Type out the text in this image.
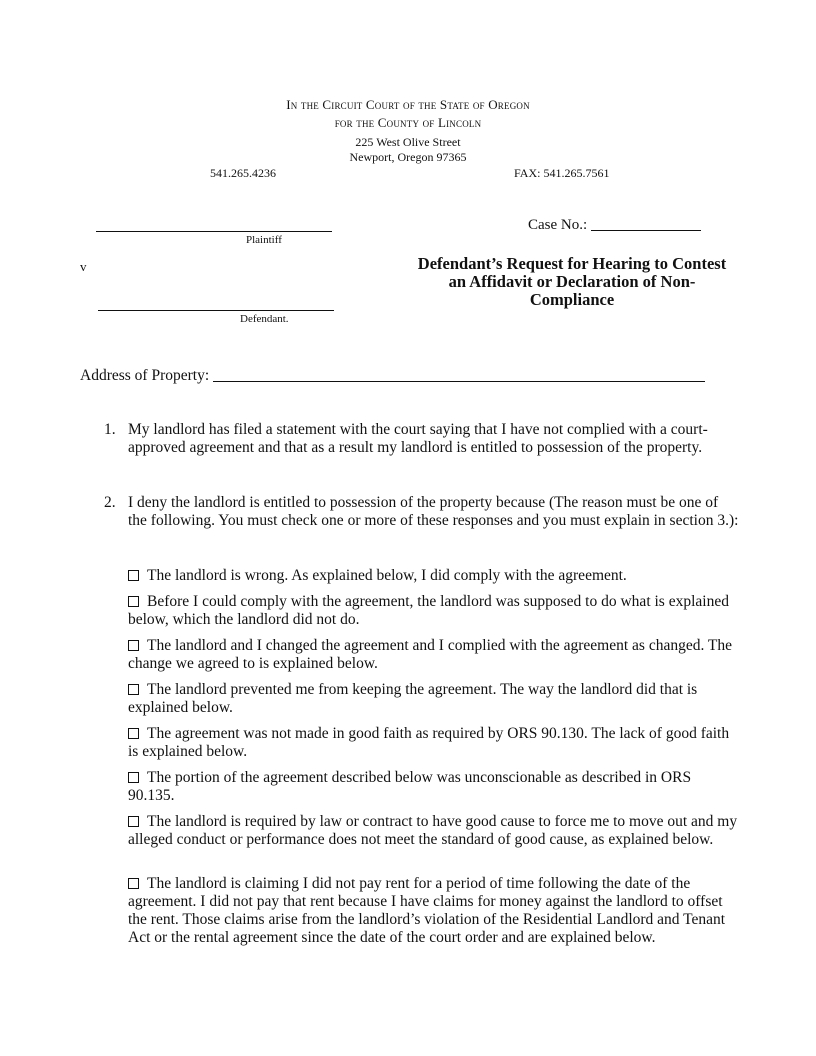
In the Circuit Court of the State of Oregon
for the County of Lincoln
225 West Olive Street
Newport, Oregon 97365
541.265.4236	FAX: 541.265.7561
Plaintiff
v
Defendant.
Case No.:
Defendant’s Request for Hearing to Contest an Affidavit or Declaration of Non-Compliance
Address of Property:
1. My landlord has filed a statement with the court saying that I have not complied with a court-approved agreement and that as a result my landlord is entitled to possession of the property.
2. I deny the landlord is entitled to possession of the property because (The reason must be one of the following. You must check one or more of these responses and you must explain in section 3.):
The landlord is wrong. As explained below, I did comply with the agreement.
Before I could comply with the agreement, the landlord was supposed to do what is explained below, which the landlord did not do.
The landlord and I changed the agreement and I complied with the agreement as changed. The change we agreed to is explained below.
The landlord prevented me from keeping the agreement. The way the landlord did that is explained below.
The agreement was not made in good faith as required by ORS 90.130. The lack of good faith is explained below.
The portion of the agreement described below was unconscionable as described in ORS 90.135.
The landlord is required by law or contract to have good cause to force me to move out and my alleged conduct or performance does not meet the standard of good cause, as explained below.
The landlord is claiming I did not pay rent for a period of time following the date of the agreement. I did not pay that rent because I have claims for money against the landlord to offset the rent. Those claims arise from the landlord’s violation of the Residential Landlord and Tenant Act or the rental agreement since the date of the court order and are explained below.
